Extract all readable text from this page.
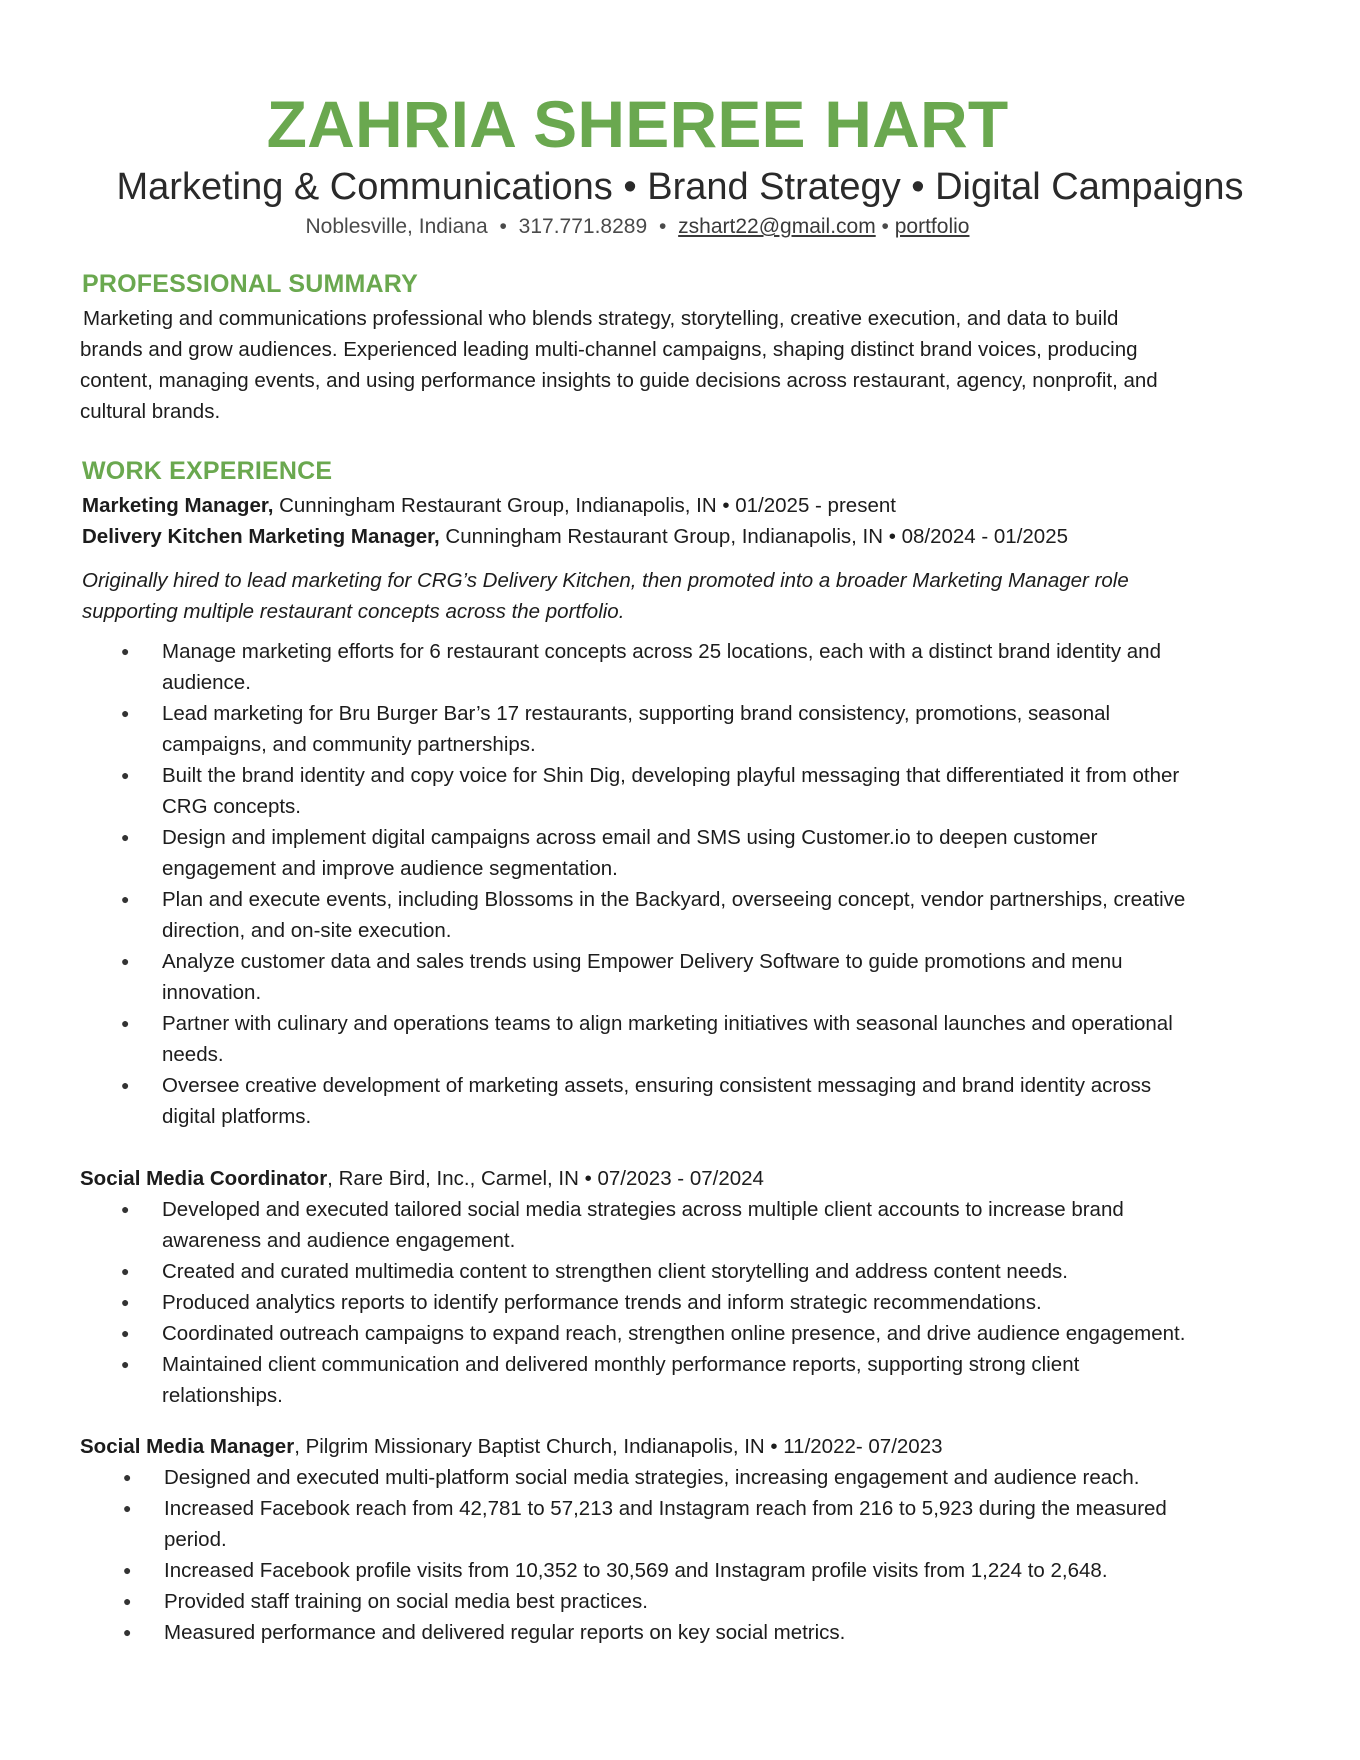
ZAHRIA SHEREE HART
Marketing & Communications • Brand Strategy • Digital Campaigns
Noblesville, Indiana • 317.771.8289 • zshart22@gmail.com • portfolio
PROFESSIONAL SUMMARY
Marketing and communications professional who blends strategy, storytelling, creative execution, and data to build
brands and grow audiences. Experienced leading multi-channel campaigns, shaping distinct brand voices, producing
content, managing events, and using performance insights to guide decisions across restaurant, agency, nonprofit, and
cultural brands.
WORK EXPERIENCE
Marketing Manager, Cunningham Restaurant Group, Indianapolis, IN • 01/2025 - present
Delivery Kitchen Marketing Manager, Cunningham Restaurant Group, Indianapolis, IN • 08/2024 - 01/2025
Originally hired to lead marketing for CRG’s Delivery Kitchen, then promoted into a broader Marketing Manager role
supporting multiple restaurant concepts across the portfolio.
● Manage marketing efforts for 6 restaurant concepts across 25 locations, each with a distinct brand identity and
audience.
● Lead marketing for Bru Burger Bar’s 17 restaurants, supporting brand consistency, promotions, seasonal
campaigns, and community partnerships.
● Built the brand identity and copy voice for Shin Dig, developing playful messaging that differentiated it from other
CRG concepts.
● Design and implement digital campaigns across email and SMS using Customer.io to deepen customer
engagement and improve audience segmentation.
● Plan and execute events, including Blossoms in the Backyard, overseeing concept, vendor partnerships, creative
direction, and on-site execution.
● Analyze customer data and sales trends using Empower Delivery Software to guide promotions and menu
innovation.
● Partner with culinary and operations teams to align marketing initiatives with seasonal launches and operational
needs.
● Oversee creative development of marketing assets, ensuring consistent messaging and brand identity across
digital platforms.
Social Media Coordinator, Rare Bird, Inc., Carmel, IN • 07/2023 - 07/2024
● Developed and executed tailored social media strategies across multiple client accounts to increase brand
awareness and audience engagement.
● Created and curated multimedia content to strengthen client storytelling and address content needs.
● Produced analytics reports to identify performance trends and inform strategic recommendations.
● Coordinated outreach campaigns to expand reach, strengthen online presence, and drive audience engagement.
● Maintained client communication and delivered monthly performance reports, supporting strong client
relationships.
Social Media Manager, Pilgrim Missionary Baptist Church, Indianapolis, IN • 11/2022- 07/2023
● Designed and executed multi-platform social media strategies, increasing engagement and audience reach.
● Increased Facebook reach from 42,781 to 57,213 and Instagram reach from 216 to 5,923 during the measured
period.
● Increased Facebook profile visits from 10,352 to 30,569 and Instagram profile visits from 1,224 to 2,648.
● Provided staff training on social media best practices.
● Measured performance and delivered regular reports on key social metrics.
